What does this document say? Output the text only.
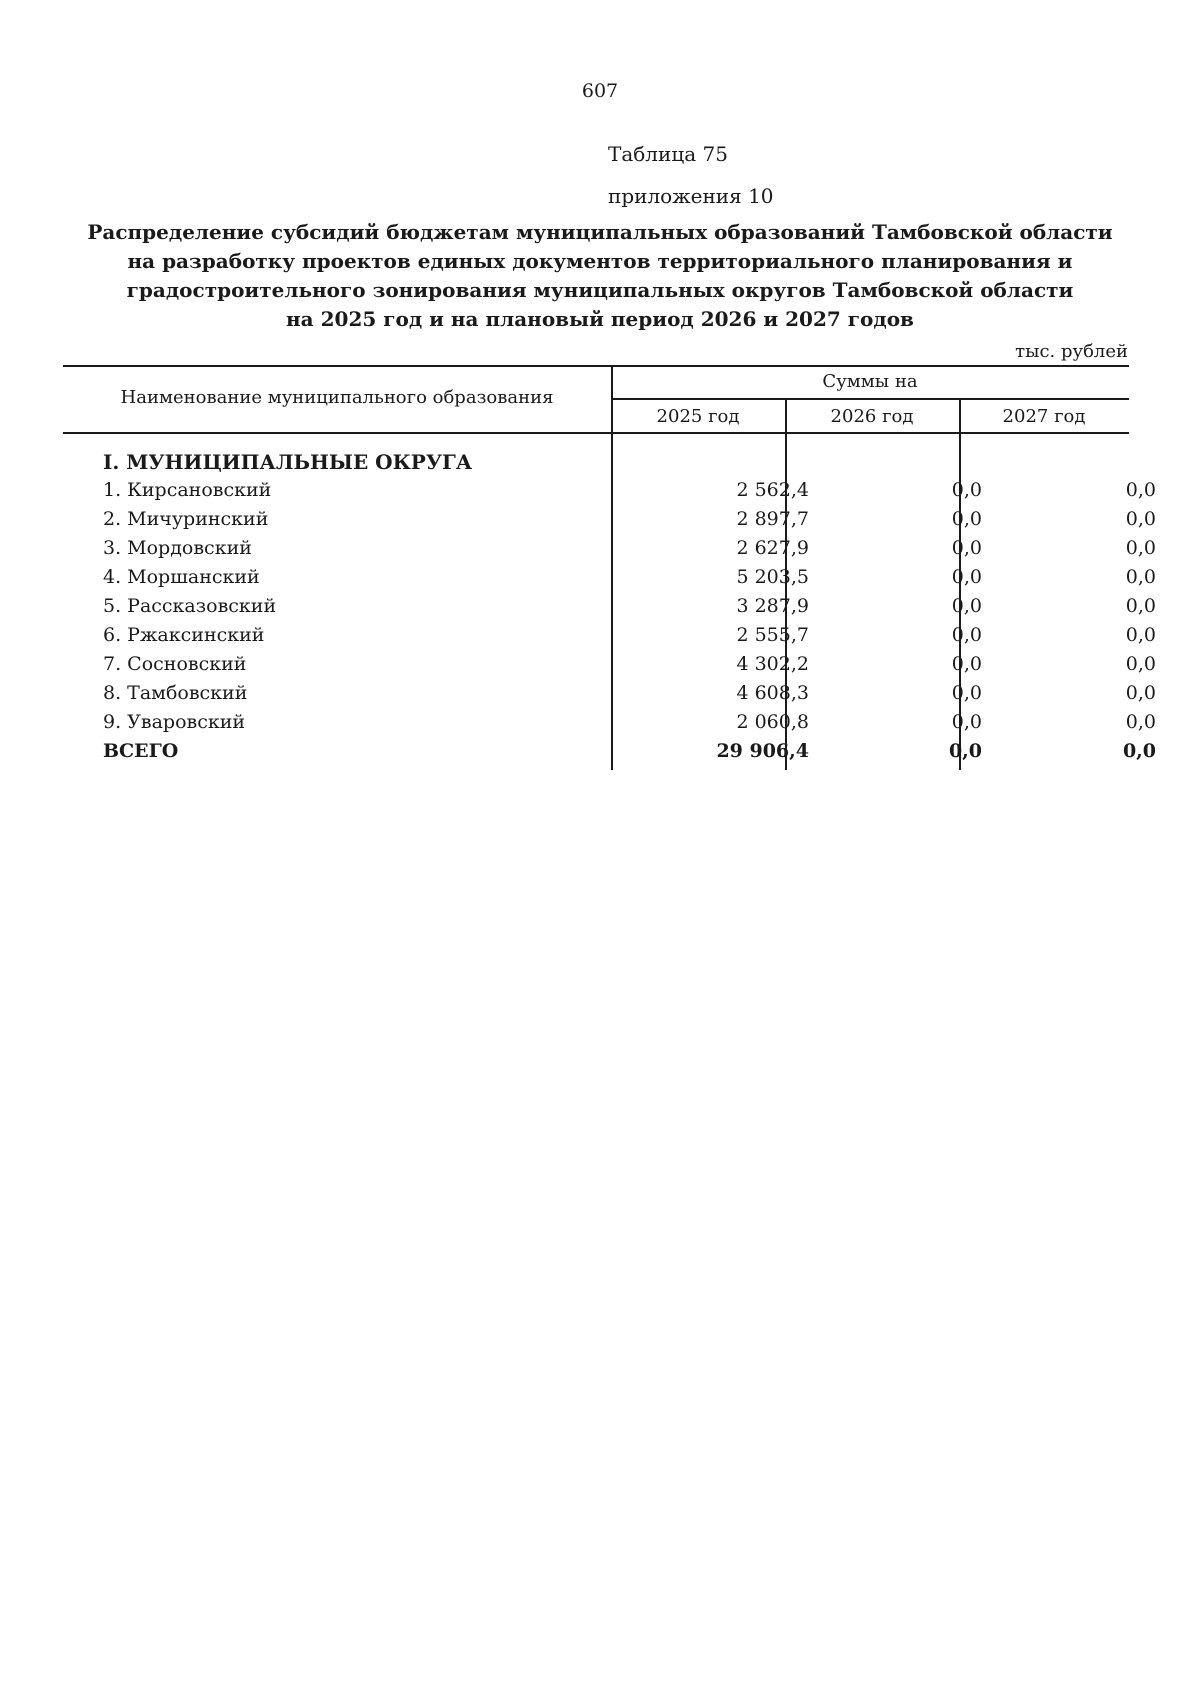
607
Таблица 75
приложения 10
Распределение субсидий бюджетам муниципальных образований Тамбовской области
на разработку проектов единых документов территориального планирования и
градостроительного зонирования муниципальных округов Тамбовской области
на 2025 год и на плановый период 2026 и 2027 годов
тыс. рублей
Наименование муниципального образования
Суммы на
2025 год	2026 год	2027 год
I. МУНИЦИПАЛЬНЫЕ ОКРУГА
1. Кирсановский	2 562,4	0,0	0,0
2. Мичуринский	2 897,7	0,0	0,0
3. Мордовский	2 627,9	0,0	0,0
4. Моршанский	5 203,5	0,0	0,0
5. Рассказовский	3 287,9	0,0	0,0
6. Ржаксинский	2 555,7	0,0	0,0
7. Сосновский	4 302,2	0,0	0,0
8. Тамбовский	4 608,3	0,0	0,0
9. Уваровский	2 060,8	0,0	0,0
ВСЕГО	29 906,4	0,0	0,0
